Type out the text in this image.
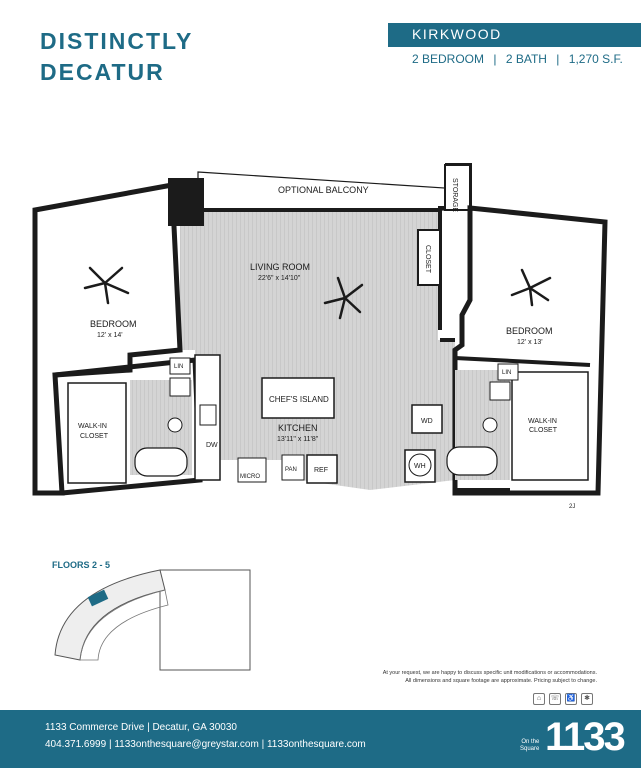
DISTINCTLY
DECATUR
KIRKWOOD
2 BEDROOM | 2 BATH | 1,270 S.F.
OPTIONAL BALCONY	STORAGE
CLOSET
LIVING ROOM
22'6" x 14'10"
BEDROOM
12' x 14'	BEDROOM
12' x 13'
CHEF'S ISLAND
KITCHEN
13'11" x 11'8"
LIN
LIN
WALK-IN
CLOSET
WALK-IN
CLOSET
DW
MICRO
PAN REF
WD
WH
2J
FLOORS 2 - 5
At your request, we are happy to discuss specific unit modifications or accommodations.
All dimensions and square footage are approximate. Pricing subject to change.
⌂	☏ ♿	✱
1133 Commerce Drive | Decatur, GA 30030
404.371.6999 | 1133onthesquare@greystar.com | 1133onthesquare.com	On the
Square 1133
